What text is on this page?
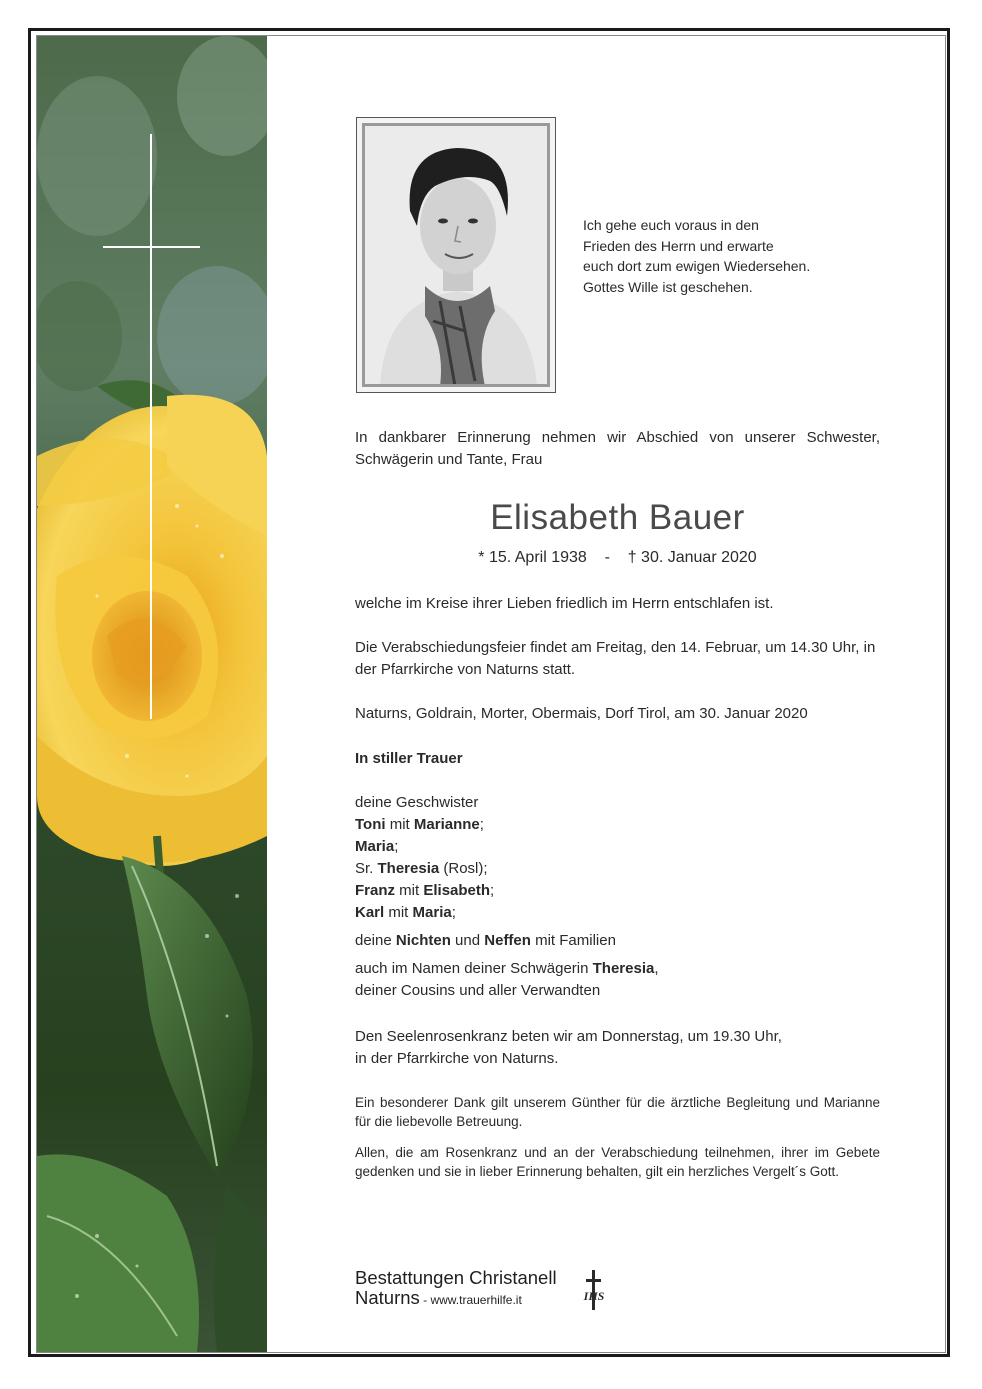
Ich gehe euch voraus in den
Frieden des Herrn und erwarte
euch dort zum ewigen Wiedersehen.
Gottes Wille ist geschehen.
In dankbarer Erinnerung nehmen wir Abschied von unserer Schwester, Schwägerin und Tante, Frau
Elisabeth Bauer
* 15. April 1938 - † 30. Januar 2020
welche im Kreise ihrer Lieben friedlich im Herrn entschlafen ist.
Die Verabschiedungsfeier findet am Freitag, den 14. Februar, um 14.30 Uhr, in der Pfarrkirche von Naturns statt.
Naturns, Goldrain, Morter, Obermais, Dorf Tirol, am 30. Januar 2020
In stiller Trauer
deine Geschwister
Toni mit Marianne;
Maria;
Sr. Theresia (Rosl);
Franz mit Elisabeth;
Karl mit Maria;
deine Nichten und Neffen mit Familien
auch im Namen deiner Schwägerin Theresia,
deiner Cousins und aller Verwandten
Den Seelenrosenkranz beten wir am Donnerstag, um 19.30 Uhr,
in der Pfarrkirche von Naturns.
Ein besonderer Dank gilt unserem Günther für die ärztliche Begleitung und Marianne für die liebevolle Betreuung.
Allen, die am Rosenkranz und an der Verabschiedung teilnehmen, ihrer im Gebete gedenken und sie in lieber Erinnerung behalten, gilt ein herzliches Vergelt´s Gott.
Bestattungen Christanell
Naturns - www.trauerhilfe.it	IHS
